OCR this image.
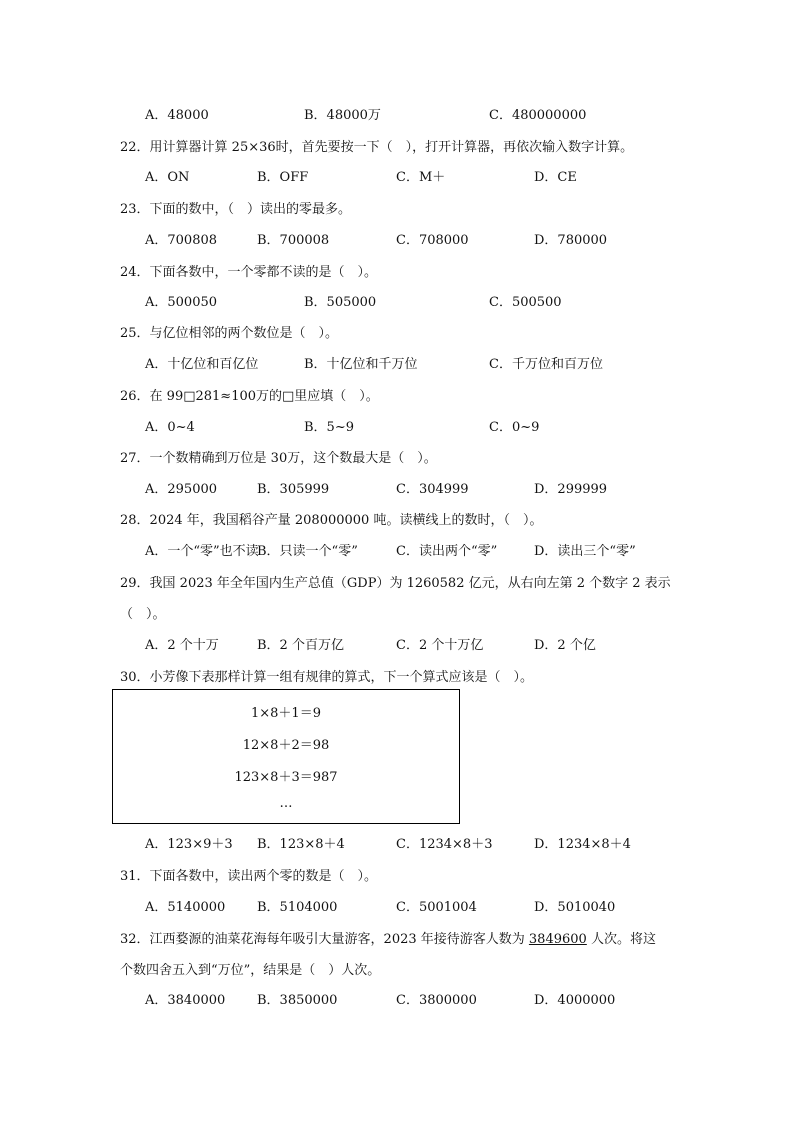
A．48000	B．48000万	C．480000000
22．用计算器计算 25×36时，首先要按一下（　），打开计算器，再依次输入数字计算。
A．ON	B．OFF	C．M＋	D．CE
23．下面的数中，（　）读出的零最多。
A．700808	B．700008	C．708000	D．780000
24．下面各数中，一个零都不读的是（　）。
A．500050	B．505000	C．500500
25．与亿位相邻的两个数位是（　）。
A．十亿位和百亿位	B．十亿位和千万位	C．千万位和百万位
26．在 99□281≈100万的□里应填（　）。
A．0~4	B．5~9	C．0~9
27．一个数精确到万位是 30万，这个数最大是（　）。
A．295000	B．305999	C．304999	D．299999
28．2024 年，我国稻谷产量 208000000 吨。读横线上的数时，（　）。
A．一个“零”也不读
B．只读一个“零”	C．读出两个“零”	D．读出三个“零”
29．我国 2023 年全年国内生产总值（GDP）为 1260582 亿元，从右向左第 2 个数字 2 表示
（　）。
A．2 个十万	B．2 个百万亿	C．2 个十万亿	D．2 个亿
30．小芳像下表那样计算一组有规律的算式，下一个算式应该是（　）。
1×8＋1＝9
12×8＋2＝98
123×8＋3＝987
…
A．123×9＋3 B．123×8＋4	C．1234×8＋3	D．1234×8＋4
31．下面各数中，读出两个零的数是（　）。
A．5140000 B．5104000	C．5001004	D．5010040
32．江西婺源的油菜花海每年吸引大量游客，2023 年接待游客人数为 3849600 人次。将这
个数四舍五入到“万位”，结果是（　）人次。
A．3840000 B．3850000	C．3800000	D．4000000
